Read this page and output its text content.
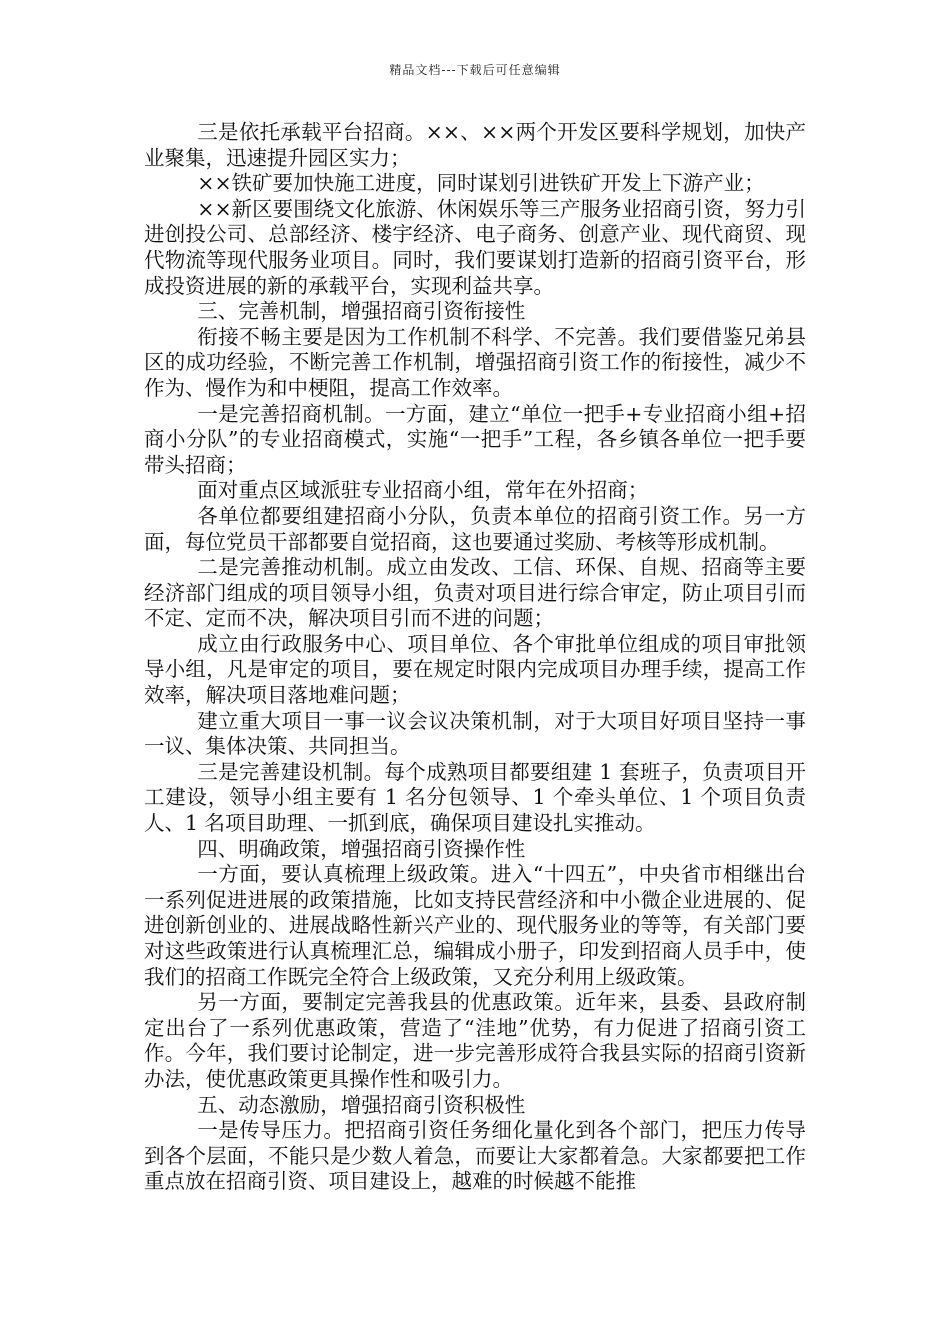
精品文档---下载后可任意编辑

三是依托承载平台招商。××、××两个开发区要科学规划，加快产业聚集，迅速提升园区实力；

××铁矿要加快施工进度，同时谋划引进铁矿开发上下游产业；

××新区要围绕文化旅游、休闲娱乐等三产服务业招商引资，努力引进创投公司、总部经济、楼宇经济、电子商务、创意产业、现代商贸、现代物流等现代服务业项目。同时，我们要谋划打造新的招商引资平台，形成投资进展的新的承载平台，实现利益共享。

三、完善机制，增强招商引资衔接性

衔接不畅主要是因为工作机制不科学、不完善。我们要借鉴兄弟县区的成功经验，不断完善工作机制，增强招商引资工作的衔接性，减少不作为、慢作为和中梗阻，提高工作效率。

一是完善招商机制。一方面，建立“单位一把手+专业招商小组+招商小分队”的专业招商模式，实施“一把手”工程，各乡镇各单位一把手要带头招商；

面对重点区域派驻专业招商小组，常年在外招商；

各单位都要组建招商小分队，负责本单位的招商引资工作。另一方面，每位党员干部都要自觉招商，这也要通过奖励、考核等形成机制。

二是完善推动机制。成立由发改、工信、环保、自规、招商等主要经济部门组成的项目领导小组，负责对项目进行综合审定，防止项目引而不定、定而不决，解决项目引而不进的问题；

成立由行政服务中心、项目单位、各个审批单位组成的项目审批领导小组，凡是审定的项目，要在规定时限内完成项目办理手续，提高工作效率，解决项目落地难问题；

建立重大项目一事一议会议决策机制，对于大项目好项目坚持一事一议、集体决策、共同担当。

三是完善建设机制。每个成熟项目都要组建 1 套班子，负责项目开工建设，领导小组主要有 1 名分包领导、1 个牵头单位、1 个项目负责人、1 名项目助理、一抓到底，确保项目建设扎实推动。

四、明确政策，增强招商引资操作性

一方面，要认真梳理上级政策。进入“十四五”，中央省市相继出台一系列促进进展的政策措施，比如支持民营经济和中小微企业进展的、促进创新创业的、进展战略性新兴产业的、现代服务业的等等，有关部门要对这些政策进行认真梳理汇总，编辑成小册子，印发到招商人员手中，使我们的招商工作既完全符合上级政策，又充分利用上级政策。

另一方面，要制定完善我县的优惠政策。近年来，县委、县政府制定出台了一系列优惠政策，营造了“洼地”优势，有力促进了招商引资工作。今年，我们要讨论制定，进一步完善形成符合我县实际的招商引资新办法，使优惠政策更具操作性和吸引力。

五、动态激励，增强招商引资积极性

一是传导压力。把招商引资任务细化量化到各个部门，把压力传导到各个层面，不能只是少数人着急，而要让大家都着急。大家都要把工作重点放在招商引资、项目建设上，越难的时候越不能推
